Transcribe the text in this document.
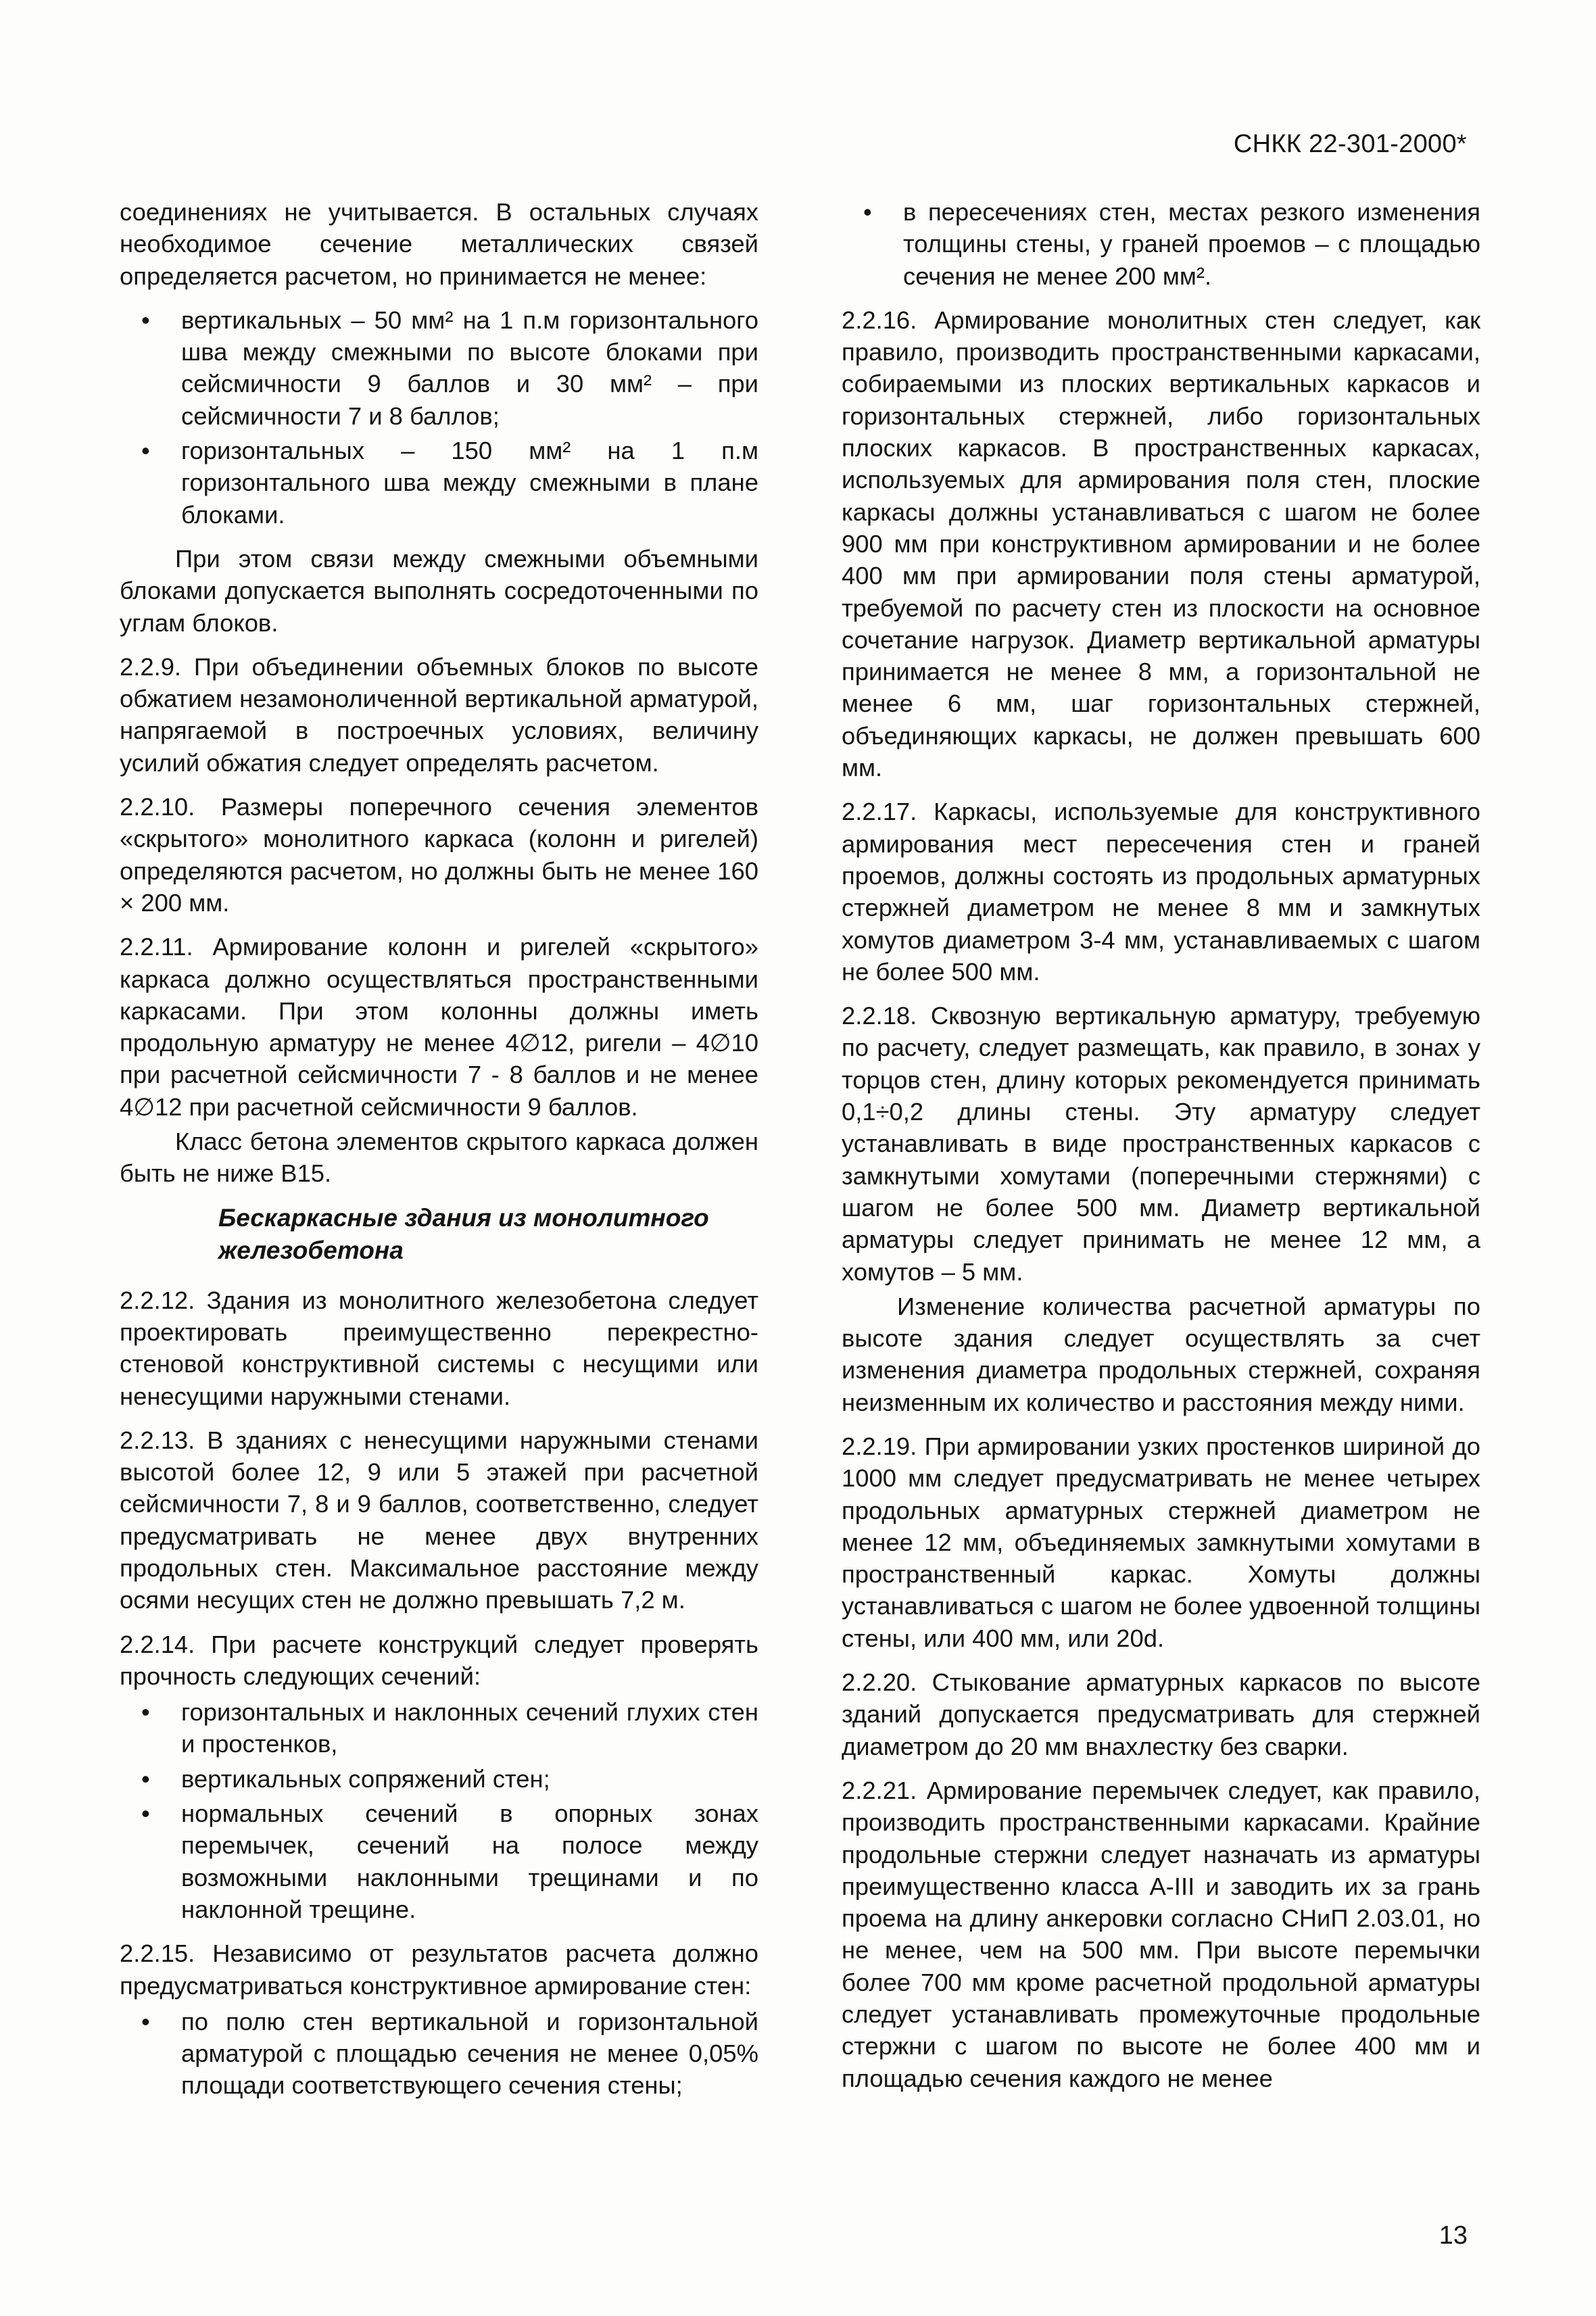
СНКК 22-301-2000*

соединениях не учитывается. В остальных случаях необходимое сечение металлических связей определяется расчетом, но принимается не менее:

• вертикальных – 50 мм² на 1 п.м горизонтального шва между смежными по высоте блоками при сейсмичности 9 баллов и 30 мм² – при сейсмичности 7 и 8 баллов;
• горизонтальных – 150 мм² на 1 п.м горизонтального шва между смежными в плане блоками.

При этом связи между смежными объемными блоками допускается выполнять сосредоточенными по углам блоков.

2.2.9. При объединении объемных блоков по высоте обжатием незамоноличенной вертикальной арматурой, напрягаемой в построечных условиях, величину усилий обжатия следует определять расчетом.

2.2.10. Размеры поперечного сечения элементов «скрытого» монолитного каркаса (колонн и ригелей) определяются расчетом, но должны быть не менее 160 × 200 мм.

2.2.11. Армирование колонн и ригелей «скрытого» каркаса должно осуществляться пространственными каркасами. При этом колонны должны иметь продольную арматуру не менее 4∅12, ригели – 4∅10 при расчетной сейсмичности 7 - 8 баллов и не менее 4∅12 при расчетной сейсмичности 9 баллов.

Класс бетона элементов скрытого каркаса должен быть не ниже В15.

Бескаркасные здания из монолитного железобетона

2.2.12. Здания из монолитного железобетона следует проектировать преимущественно перекрестно-стеновой конструктивной системы с несущими или ненесущими наружными стенами.

2.2.13. В зданиях с ненесущими наружными стенами высотой более 12, 9 или 5 этажей при расчетной сейсмичности 7, 8 и 9 баллов, соответственно, следует предусматривать не менее двух внутренних продольных стен. Максимальное расстояние между осями несущих стен не должно превышать 7,2 м.

2.2.14. При расчете конструкций следует проверять прочность следующих сечений:

• горизонтальных и наклонных сечений глухих стен и простенков,
• вертикальных сопряжений стен;
• нормальных сечений в опорных зонах перемычек, сечений на полосе между возможными наклонными трещинами и по наклонной трещине.

2.2.15. Независимо от результатов расчета должно предусматриваться конструктивное армирование стен:

• по полю стен вертикальной и горизонтальной арматурой с площадью сечения не менее 0,05% площади соответствующего сечения стены;
• в пересечениях стен, местах резкого изменения толщины стены, у граней проемов – с площадью сечения не менее 200 мм².

2.2.16. Армирование монолитных стен следует, как правило, производить пространственными каркасами, собираемыми из плоских вертикальных каркасов и горизонтальных стержней, либо горизонтальных плоских каркасов. В пространственных каркасах, используемых для армирования поля стен, плоские каркасы должны устанавливаться с шагом не более 900 мм при конструктивном армировании и не более 400 мм при армировании поля стены арматурой, требуемой по расчету стен из плоскости на основное сочетание нагрузок. Диаметр вертикальной арматуры принимается не менее 8 мм, а горизонтальной не менее 6 мм, шаг горизонтальных стержней, объединяющих каркасы, не должен превышать 600 мм.

2.2.17. Каркасы, используемые для конструктивного армирования мест пересечения стен и граней проемов, должны состоять из продольных арматурных стержней диаметром не менее 8 мм и замкнутых хомутов диаметром 3-4 мм, устанавливаемых с шагом не более 500 мм.

2.2.18. Сквозную вертикальную арматуру, требуемую по расчету, следует размещать, как правило, в зонах у торцов стен, длину которых рекомендуется принимать 0,1÷0,2 длины стены. Эту арматуру следует устанавливать в виде пространственных каркасов с замкнутыми хомутами (поперечными стержнями) с шагом не более 500 мм. Диаметр вертикальной арматуры следует принимать не менее 12 мм, а хомутов – 5 мм.

Изменение количества расчетной арматуры по высоте здания следует осуществлять за счет изменения диаметра продольных стержней, сохраняя неизменным их количество и расстояния между ними.

2.2.19. При армировании узких простенков шириной до 1000 мм следует предусматривать не менее четырех продольных арматурных стержней диаметром не менее 12 мм, объединяемых замкнутыми хомутами в пространственный каркас. Хомуты должны устанавливаться с шагом не более удвоенной толщины стены, или 400 мм, или 20d.

2.2.20. Стыкование арматурных каркасов по высоте зданий допускается предусматривать для стержней диаметром до 20 мм внахлестку без сварки.

2.2.21. Армирование перемычек следует, как правило, производить пространственными каркасами. Крайние продольные стержни следует назначать из арматуры преимущественно класса А-III и заводить их за грань проема на длину анкеровки согласно СНиП 2.03.01, но не менее, чем на 500 мм. При высоте перемычки более 700 мм кроме расчетной продольной арматуры следует устанавливать промежуточные продольные стержни с шагом по высоте не более 400 мм и площадью сечения каждого не менее

13
